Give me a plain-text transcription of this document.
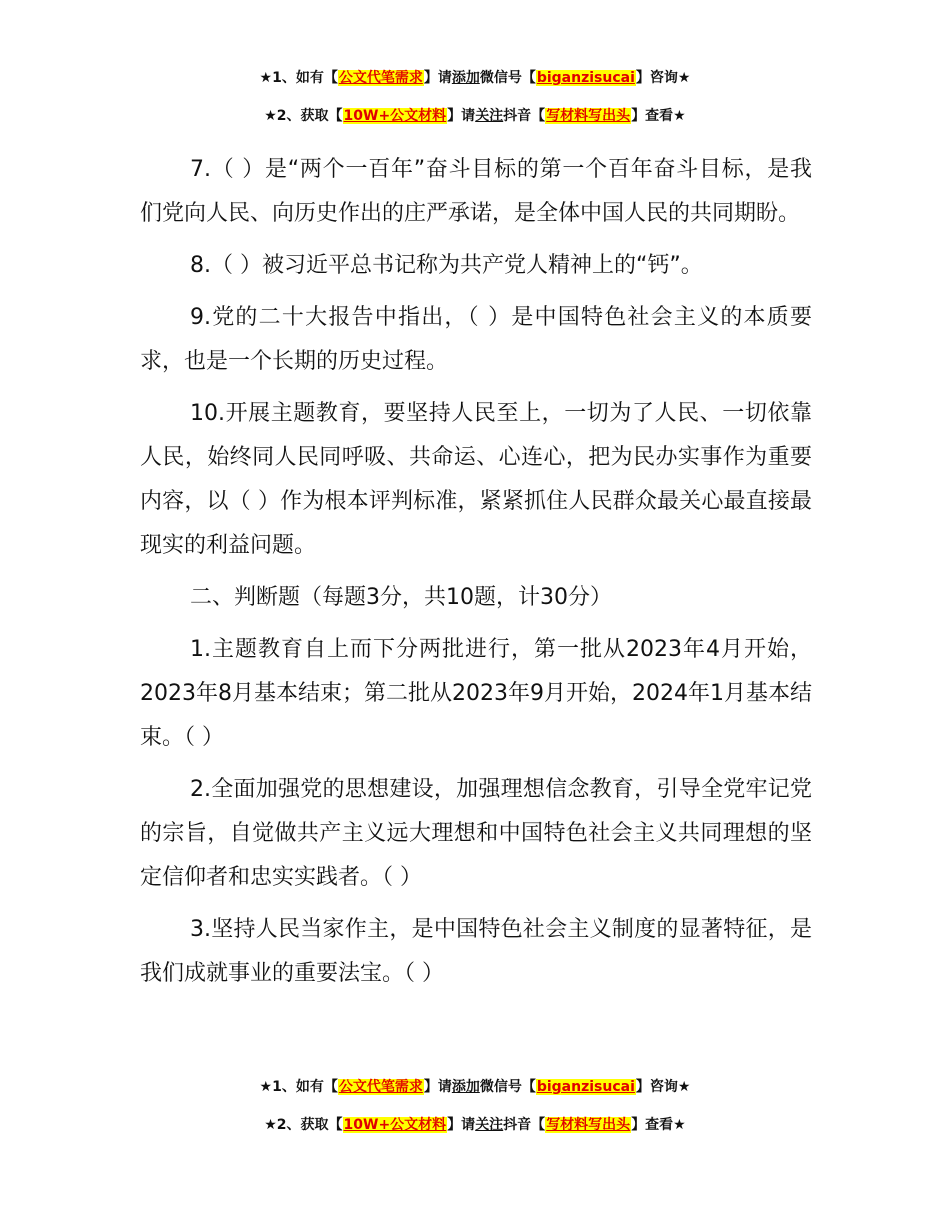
★1、如有【公文代笔需求】请添加微信号【biganzisucai】咨询★
★2、获取【10W+公文材料】请关注抖音【写材料写出头】查看★

7.（ ）是“两个一百年”奋斗目标的第一个百年奋斗目标，是我们党向人民、向历史作出的庄严承诺，是全体中国人民的共同期盼。

8.（ ）被习近平总书记称为共产党人精神上的“钙”。

9.党的二十大报告中指出，（ ）是中国特色社会主义的本质要求，也是一个长期的历史过程。

10.开展主题教育，要坚持人民至上，一切为了人民、一切依靠人民，始终同人民同呼吸、共命运、心连心，把为民办实事作为重要内容，以（ ）作为根本评判标准，紧紧抓住人民群众最关心最直接最现实的利益问题。

二、判断题（每题3分，共10题，计30分）

1.主题教育自上而下分两批进行，第一批从2023年4月开始，2023年8月基本结束；第二批从2023年9月开始，2024年1月基本结束。（ ）

2.全面加强党的思想建设，加强理想信念教育，引导全党牢记党的宗旨，自觉做共产主义远大理想和中国特色社会主义共同理想的坚定信仰者和忠实实践者。（ ）

3.坚持人民当家作主，是中国特色社会主义制度的显著特征，是我们成就事业的重要法宝。（ ）

★1、如有【公文代笔需求】请添加微信号【biganzisucai】咨询★
★2、获取【10W+公文材料】请关注抖音【写材料写出头】查看★
